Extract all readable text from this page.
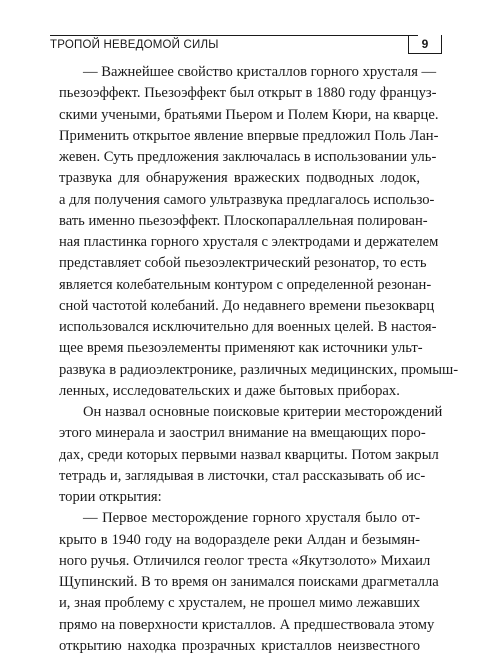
ТРОПОЙ НЕВЕДОМОЙ СИЛЫ	9
— Важнейшее свойство кристаллов горного хрусталя —
пьезоэффект. Пьезоэффект был открыт в 1880 году француз-
скими учеными, братьями Пьером и Полем Кюри, на кварце.
Применить открытое явление впервые предложил Поль Лан-
жевен. Суть предложения заключалась в использовании уль-
тразвука для обнаружения вражеских подводных лодок,
а для получения самого ультразвука предлагалось использо-
вать именно пьезоэффект. Плоскопараллельная полирован-
ная пластинка горного хрусталя с электродами и держателем
представляет собой пьезоэлектрический резонатор, то есть
является колебательным контуром с определенной резонан-
сной частотой колебаний. До недавнего времени пьезокварц
использовался исключительно для военных целей. В настоя-
щее время пьезоэлементы применяют как источники ульт-
развука в радиоэлектронике, различных медицинских, промыш-
ленных, исследовательских и даже бытовых приборах.
Он назвал основные поисковые критерии месторождений
этого минерала и заострил внимание на вмещающих поро-
дах, среди которых первыми назвал кварциты. Потом закрыл
тетрадь и, заглядывая в листочки, стал рассказывать об ис-
тории открытия:
— Первое месторождение горного хрусталя было от-
крыто в 1940 году на водоразделе реки Алдан и безымян-
ного ручья. Отличился геолог треста «Якутзолото» Михаил
Щупинский. В то время он занимался поисками драгметалла
и, зная проблему с хрусталем, не прошел мимо лежавших
прямо на поверхности кристаллов. А предшествовала этому
открытию находка прозрачных кристаллов неизвестного
